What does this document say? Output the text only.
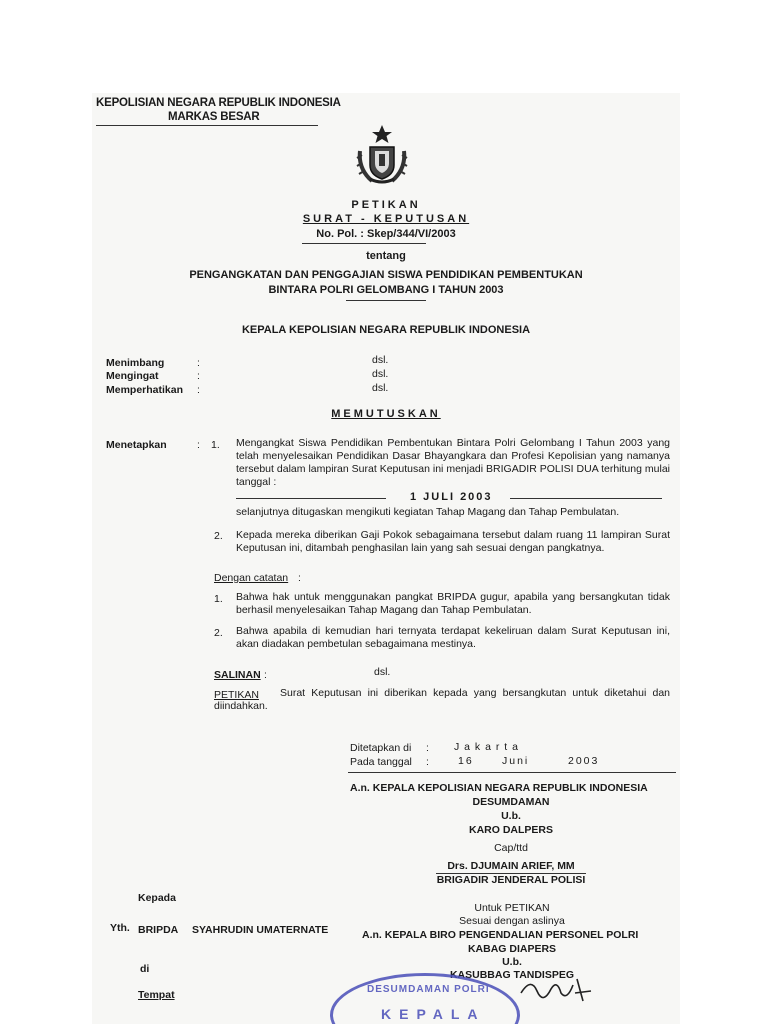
KEPOLISIAN NEGARA REPUBLIK INDONESIA
MARKAS BESAR
PETIKAN
SURAT - KEPUTUSAN
No. Pol. : Skep/344/VI/2003
tentang
PENGANGKATAN DAN PENGGAJIAN SISWA PENDIDIKAN PEMBENTUKAN
BINTARA POLRI GELOMBANG I TAHUN 2003
KEPALA KEPOLISIAN NEGARA REPUBLIK INDONESIA
Menimbang	:	dsl.
Mengingat	:	dsl.
Memperhatikan :	dsl.
MEMUTUSKAN
Menetapkan	: 1. Mengangkat Siswa Pendidikan Pembentukan Bintara Polri Gelombang I Tahun 2003 yang telah menyelesaikan Pendidikan Dasar Bhayangkara dan Profesi Kepolisian yang namanya tersebut dalam lampiran Surat Keputusan ini menjadi BRIGADIR POLISI DUA terhitung mulai tanggal :
1 JULI 2003
selanjutnya ditugaskan mengikuti kegiatan Tahap Magang dan Tahap Pembulatan.
2. Kepada mereka diberikan Gaji Pokok sebagaimana tersebut dalam ruang 11 lampiran Surat Keputusan ini, ditambah penghasilan lain yang sah sesuai dengan pangkatnya.
Dengan catatan :
1. Bahwa hak untuk menggunakan pangkat BRIPDA gugur, apabila yang bersangkutan tidak berhasil menyelesaikan Tahap Magang dan Tahap Pembulatan.
2. Bahwa apabila di kemudian hari ternyata terdapat kekeliruan dalam Surat Keputusan ini, akan diadakan pembetulan sebagaimana mestinya.
SALINAN :	dsl.
PETIKAN	Surat Keputusan ini diberikan kepada yang bersangkutan untuk diketahui dan diindahkan.
Ditetapkan di : J a k a r t a
Pada tanggal :	16	Juni	2003
A.n. KEPALA KEPOLISIAN NEGARA REPUBLIK INDONESIA
DESUMDAMAN
U.b.
KARO DALPERS
Cap/ttd
Drs. DJUMAIN ARIEF, MM
BRIGADIR JENDERAL POLISI
Kepada
Yth. BRIPDA SYAHRUDIN UMATERNATE
di
Tempat
Untuk PETIKAN
Sesuai dengan aslinya
A.n. KEPALA BIRO PENGENDALIAN PERSONEL POLRI
KABAG DIAPERS
U.b.
KASUBBAG TANDISPEG
DESUMDAMAN POLRI
KEPALA
